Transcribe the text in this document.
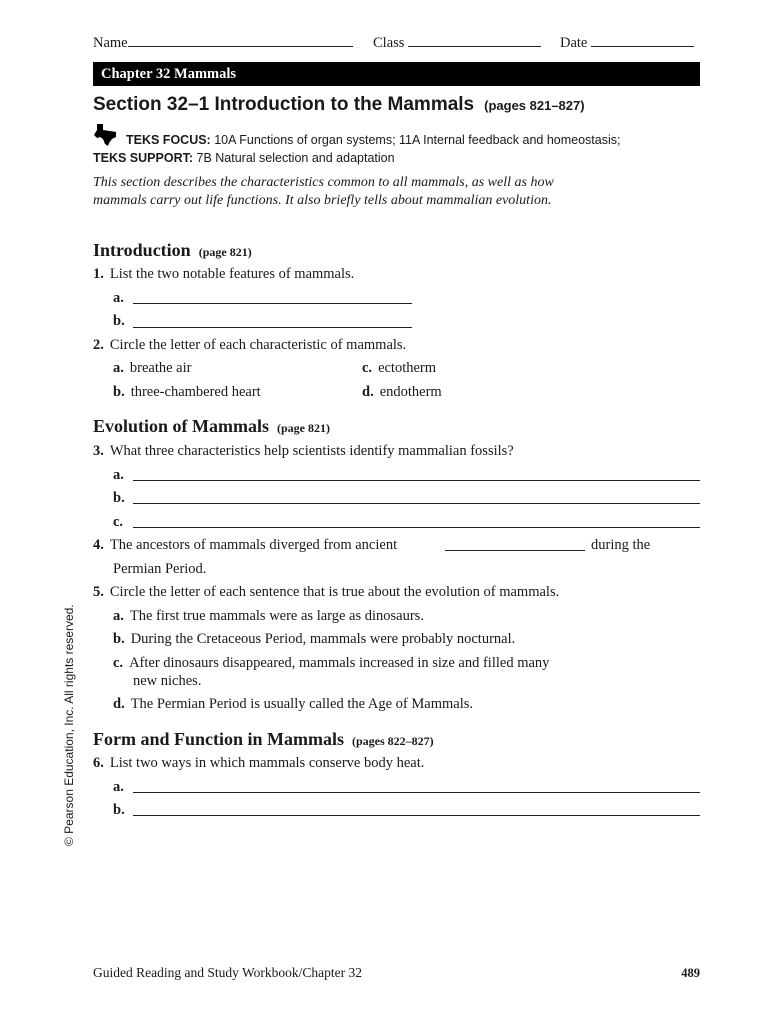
Name	Class	Date
Chapter 32 Mammals
Section 32–1 Introduction to the Mammals (pages 821–827)
TEKS FOCUS: 10A Functions of organ systems; 11A Internal feedback and homeostasis;
TEKS SUPPORT: 7B Natural selection and adaptation
This section describes the characteristics common to all mammals, as well as how mammals carry out life functions. It also briefly tells about mammalian evolution.
Introduction (page 821)
1. List the two notable features of mammals.
a.
b.
2. Circle the letter of each characteristic of mammals.
a. breathe air
b. three-chambered heart
c. ectotherm
d. endotherm
Evolution of Mammals (page 821)
3. What three characteristics help scientists identify mammalian fossils?
a.
b.
c.
4. The ancestors of mammals diverged from ancient	during the
Permian Period.
5. Circle the letter of each sentence that is true about the evolution of mammals.
a. The first true mammals were as large as dinosaurs.
b. During the Cretaceous Period, mammals were probably nocturnal.
c. After dinosaurs disappeared, mammals increased in size and filled many
new niches.
d. The Permian Period is usually called the Age of Mammals.
Form and Function in Mammals (pages 822–827)
6. List two ways in which mammals conserve body heat.
a.
b.
© Pearson Education, Inc. All rights reserved.
Guided Reading and Study Workbook/Chapter 32	489
